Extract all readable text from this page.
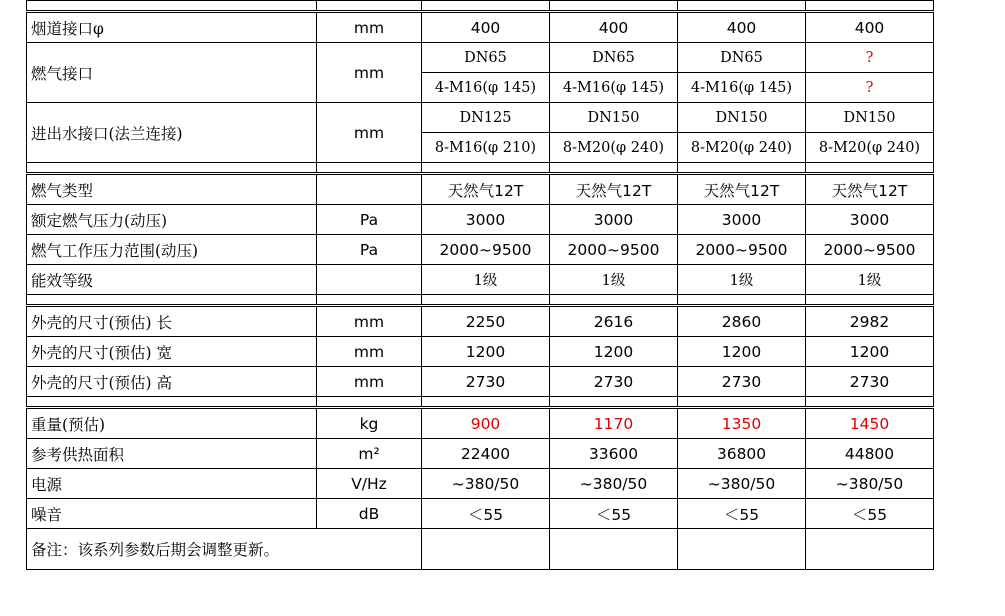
烟道接口φ	mm	400	400	400	400
燃气接口	mm	DN65	DN65	DN65	?
		4-M16(φ 145)	4-M16(φ 145)	4-M16(φ 145)	?
进出水接口(法兰连接)	mm	DN125	DN150	DN150	DN150
		8-M16(φ 210)	8-M20(φ 240)	8-M20(φ 240)	8-M20(φ 240)

燃气类型		天然气12T	天然气12T	天然气12T	天然气12T
额定燃气压力(动压)	Pa	3000	3000	3000	3000
燃气工作压力范围(动压)	Pa	2000~9500	2000~9500	2000~9500	2000~9500
能效等级		1级	1级	1级	1级

外壳的尺寸(预估) 长	mm	2250	2616	2860	2982
外壳的尺寸(预估) 宽	mm	1200	1200	1200	1200
外壳的尺寸(预估) 高	mm	2730	2730	2730	2730

重量(预估)	kg	900	1170	1350	1450
参考供热面积	m²	22400	33600	36800	44800
电源	V/Hz	~380/50	~380/50	~380/50	~380/50
噪音	dB	＜55	＜55	＜55	＜55
备注：该系列参数后期会调整更新。					
